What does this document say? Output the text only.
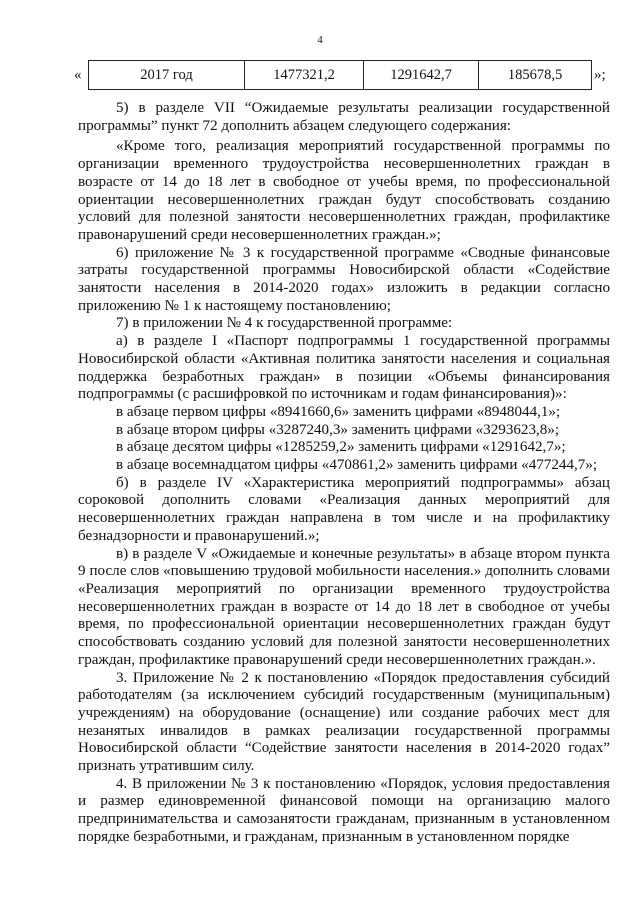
4
«	2017 год	1477321,2	1291642,7	185678,5 »;

5) в разделе VII “Ожидаемые результаты реализации государственной программы” пункт 72 дополнить абзацем следующего содержания:

«Кроме того, реализация мероприятий государственной программы по организации временного трудоустройства несовершеннолетних граждан в возрасте от 14 до 18 лет в свободное от учебы время, по профессиональной ориентации несовершеннолетних граждан будут способствовать созданию условий для полезной занятости несовершеннолетних граждан, профилактике правонарушений среди несовершеннолетних граждан.»;

6) приложение № 3 к государственной программе «Сводные финансовые затраты государственной программы Новосибирской области «Содействие занятости населения в 2014-2020 годах» изложить в редакции согласно приложению № 1 к настоящему постановлению;

7) в приложении № 4 к государственной программе:

а) в разделе I «Паспорт подпрограммы 1 государственной программы Новосибирской области «Активная политика занятости населения и социальная поддержка безработных граждан» в позиции «Объемы финансирования подпрограммы (с расшифровкой по источникам и годам финансирования)»:

в абзаце первом цифры «8941660,6» заменить цифрами «8948044,1»;

в абзаце втором цифры «3287240,3» заменить цифрами «3293623,8»;

в абзаце десятом цифры «1285259,2» заменить цифрами «1291642,7»;

в абзаце восемнадцатом цифры «470861,2» заменить цифрами «477244,7»;

б) в разделе IV «Характеристика мероприятий подпрограммы» абзац сороковой дополнить словами «Реализация данных мероприятий для несовершеннолетних граждан направлена в том числе и на профилактику безнадзорности и правонарушений.»;

в) в разделе V «Ожидаемые и конечные результаты» в абзаце втором пункта 9 после слов «повышению трудовой мобильности населения.» дополнить словами «Реализация мероприятий по организации временного трудоустройства несовершеннолетних граждан в возрасте от 14 до 18 лет в свободное от учебы время, по профессиональной ориентации несовершеннолетних граждан будут способствовать созданию условий для полезной занятости несовершеннолетних граждан, профилактике правонарушений среди несовершеннолетних граждан.».

3. Приложение № 2 к постановлению «Порядок предоставления субсидий работодателям (за исключением субсидий государственным (муниципальным) учреждениям) на оборудование (оснащение) или создание рабочих мест для незанятых инвалидов в рамках реализации государственной программы Новосибирской области “Содействие занятости населения в 2014-2020 годах” признать утратившим силу.

4. В приложении № 3 к постановлению «Порядок, условия предоставления и размер единовременной финансовой помощи на организацию малого предпринимательства и самозанятости гражданам, признанным в установленном порядке безработными, и гражданам, признанным в установленном порядке
